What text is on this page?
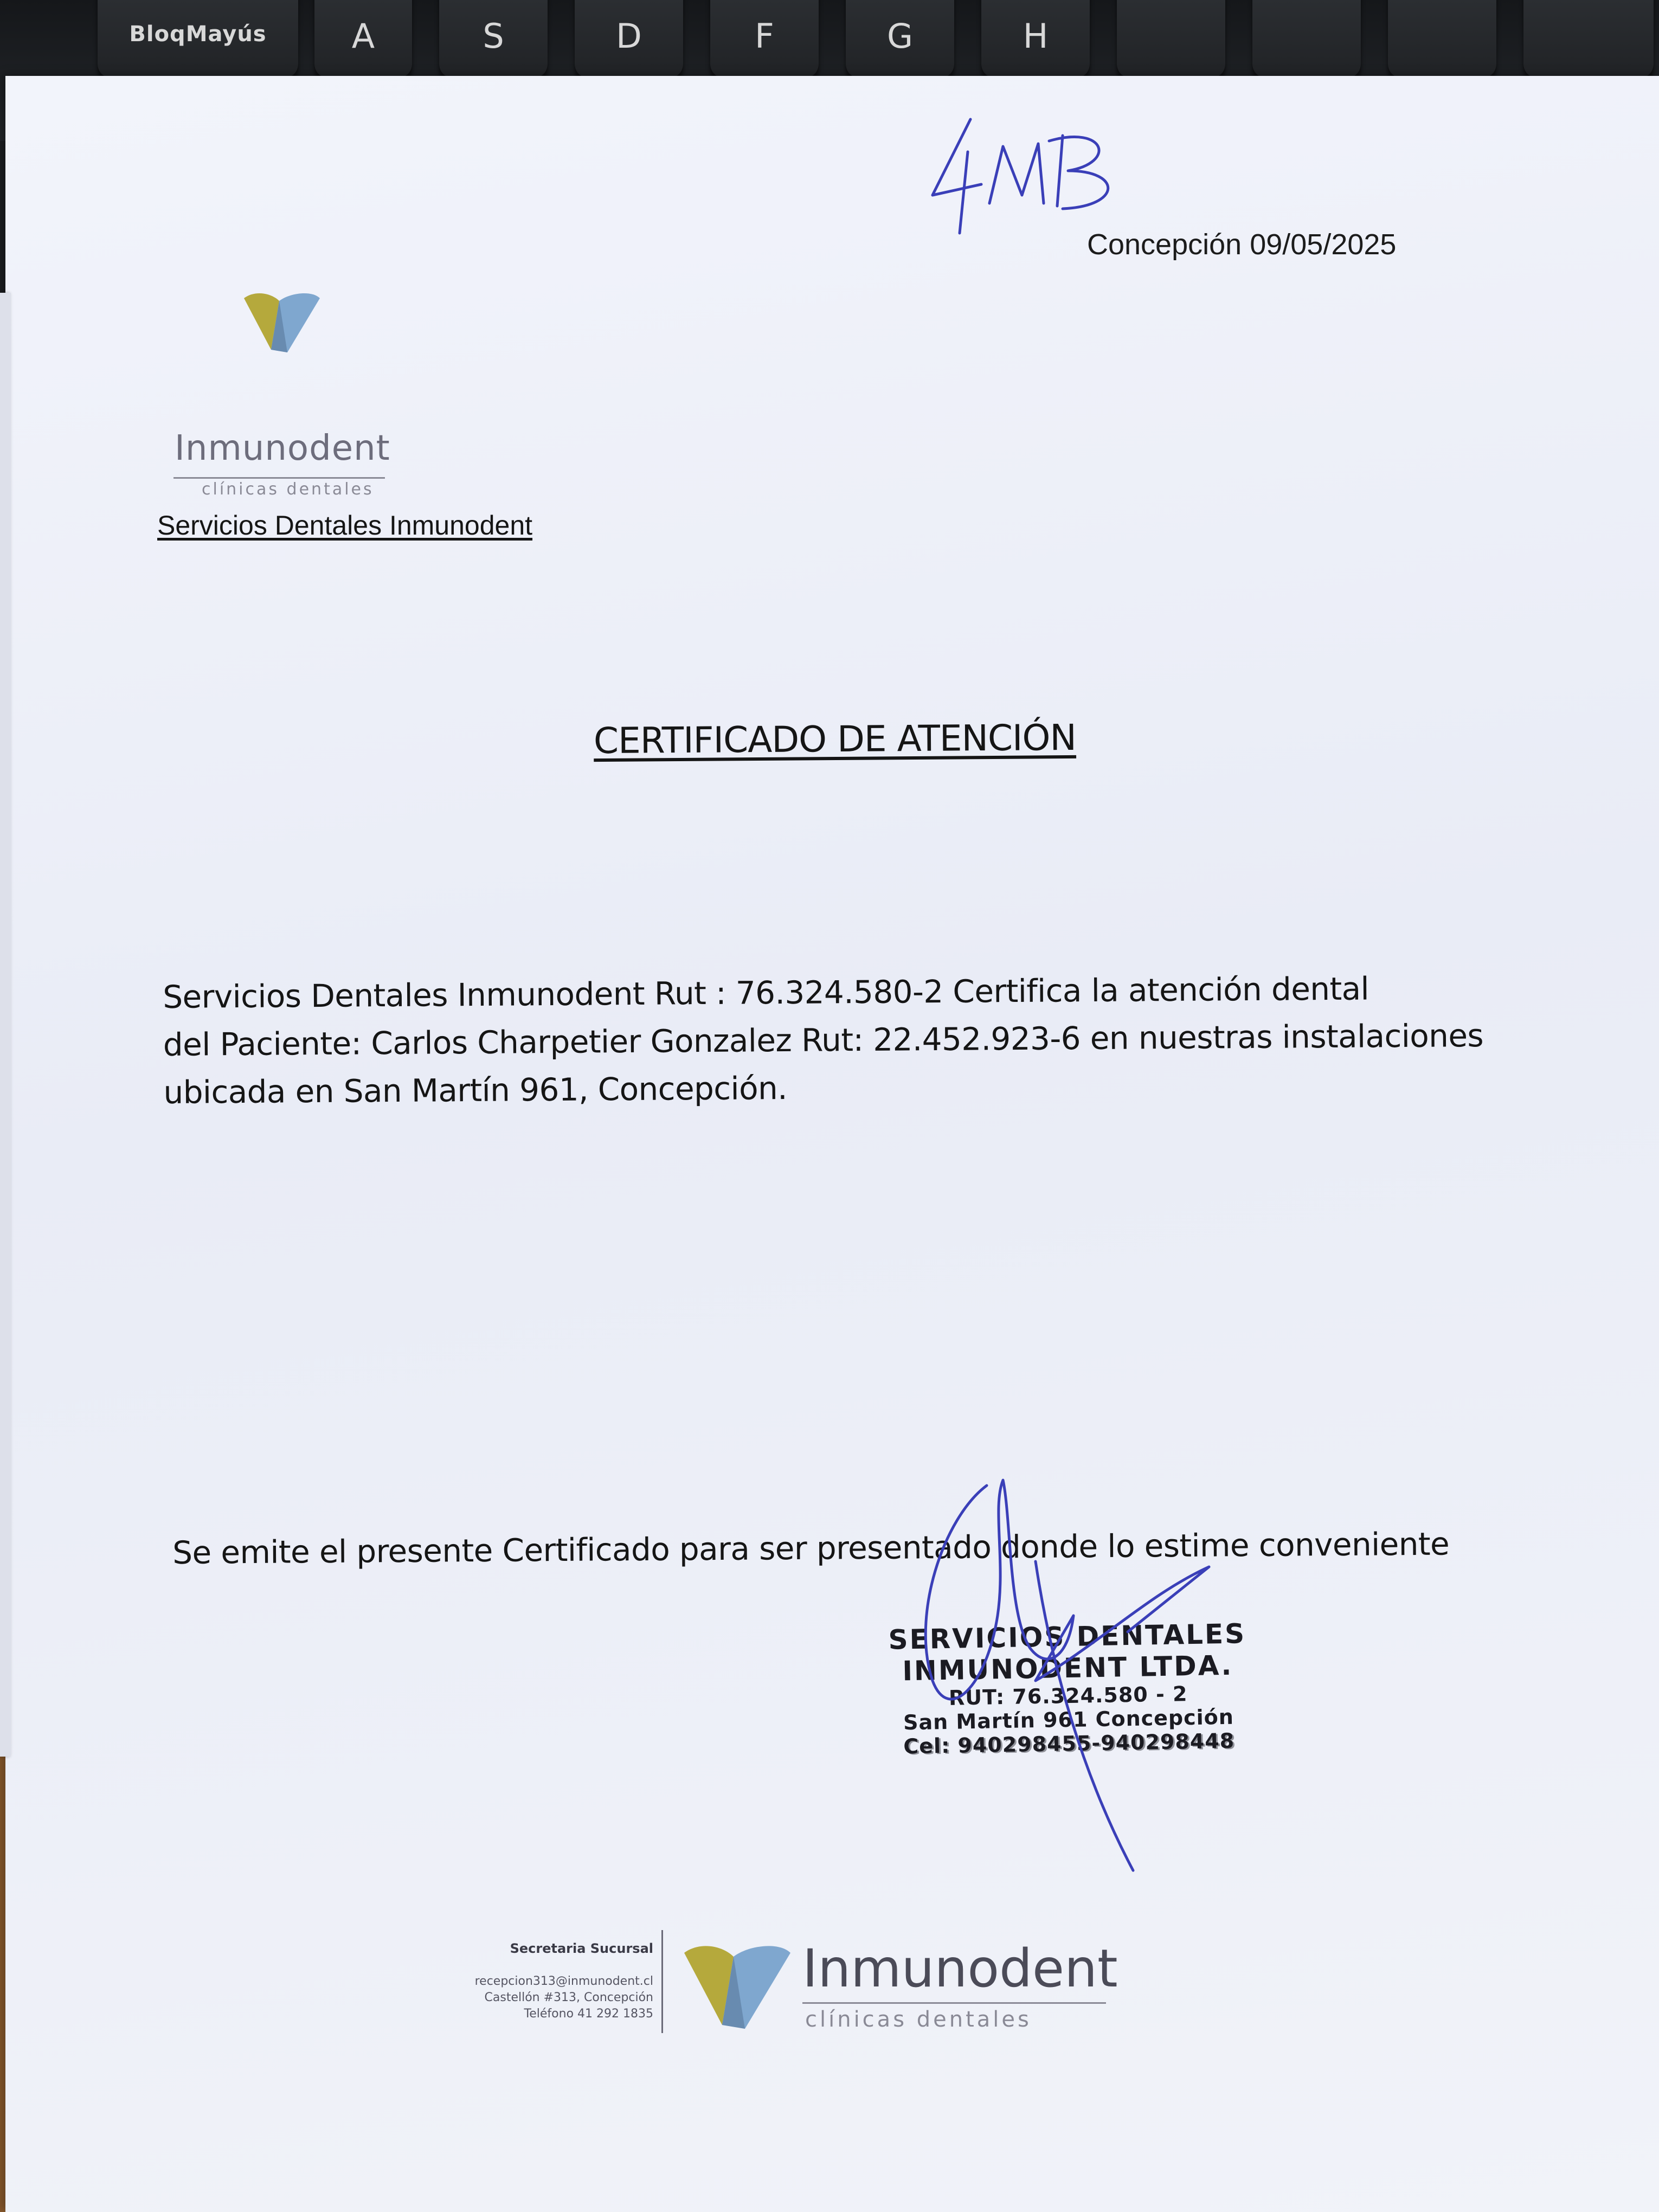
BloqMayús	A	S	D	F	G	H
Concepción 09/05/2025
Inmunodent
clínicas dentales
Servicios Dentales Inmunodent
CERTIFICADO DE ATENCIÓN
Servicios Dentales Inmunodent Rut : 76.324.580-2 Certifica la atención dental
del Paciente: Carlos Charpetier Gonzalez Rut: 22.452.923-6 en nuestras instalaciones
ubicada en San Martín 961, Concepción.
Se emite el presente Certificado para ser presentado donde lo estime conveniente
SERVICIOS DENTALES
INMUNODENT LTDA.
RUT: 76.324.580 - 2
San Martín 961 Concepción
Cel: 940298455-940298448
Secretaria Sucursal
recepcion313@inmunodent.cl
Castellón #313, Concepción
Teléfono 41 292 1835
Inmunodent
clínicas dentales
